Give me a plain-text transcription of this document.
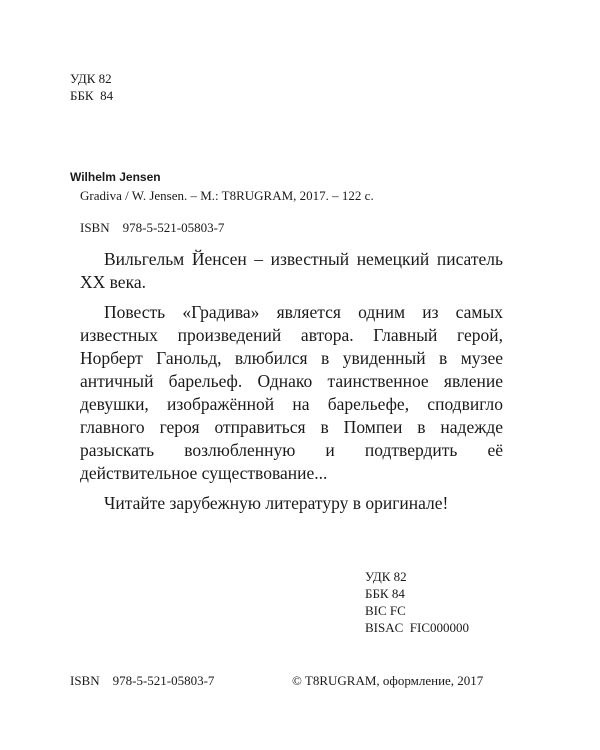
УДК 82
ББК  84
Wilhelm Jensen
Gradiva / W. Jensen. – M.: T8RUGRAM, 2017. – 122 с.
ISBN    978-5-521-05803-7

Вильгельм Йенсен – известный немецкий писатель XX века.

Повесть «Градива» является одним из самых известных произведений автора. Главный герой, Норберт Ганольд, влюбился в увиденный в музее античный барельеф. Однако таинственное явление девушки, изображённой на барельефе, сподвигло главного героя отправиться в Помпеи в надежде разыскать возлюбленную и подтвердить её действительное существование...

Читайте зарубежную литературу в оригинале!

УДК 82
ББК 84
BIC FC
BISAC  FIC000000
ISBN    978-5-521-05803-7	© T8RUGRAM, оформление, 2017
